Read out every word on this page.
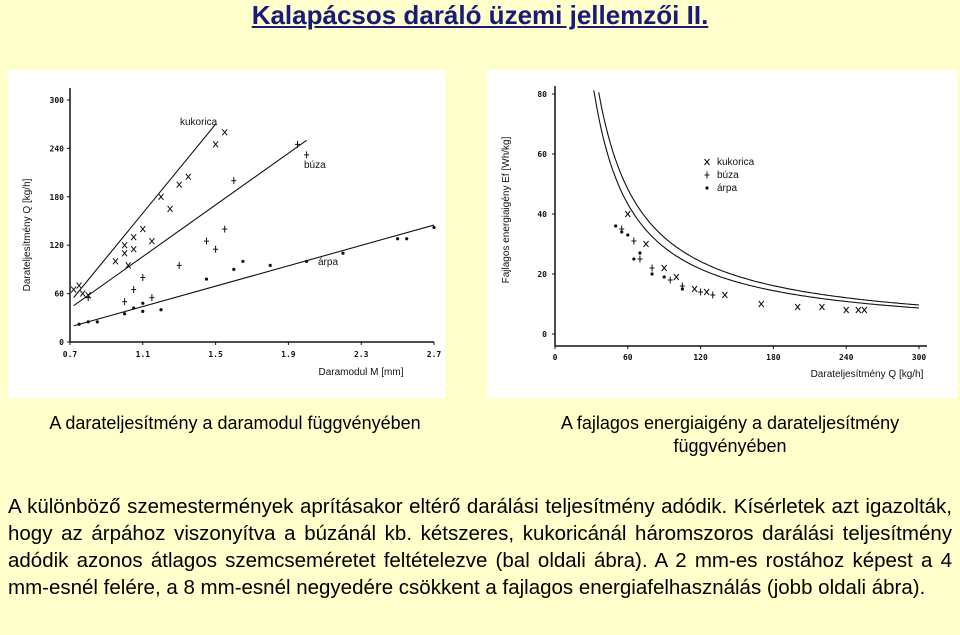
Kalapácsos daráló üzemi jellemzői II.
0
60
120
180
240
300
0.7	1.1	1.5	1.9	2.3	2.7
Darateljesítmény Q [kg/h]
Daramodul M [mm]
kukorica
búza
árpa
0
20
40
60
80
0	60	120	180	240	300
Fajlagos energiaigény Ef [Wh/kg]
Darateljesítmény Q [kg/h]
kukorica
búza
árpa
A darateljesítmény a daramodul függvényében	A fajlagos energiaigény a darateljesítmény függvényében
A különböző szemestermények aprításakor eltérő darálási teljesítmény adódik. Kísérletek azt igazolták, hogy az árpához viszonyítva a búzánál kb. kétszeres, kukoricánál háromszoros darálási teljesítmény adódik azonos átlagos szemcseméretet feltételezve (bal oldali ábra). A 2 mm-es rostához képest a 4 mm-esnél felére, a 8 mm-esnél negyedére csökkent a fajlagos energiafelhasználás (jobb oldali ábra).
